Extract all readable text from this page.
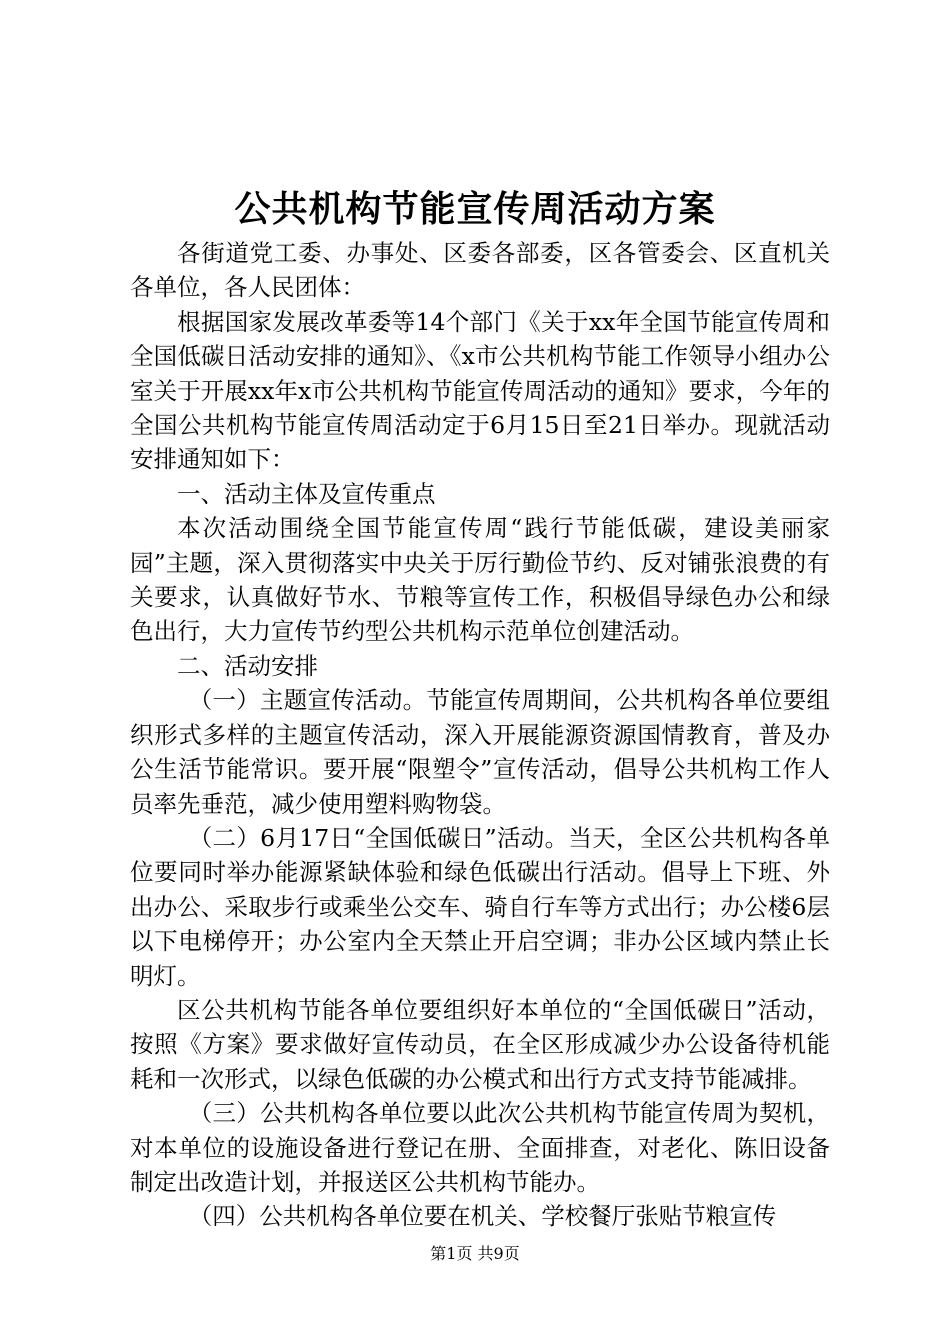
公共机构节能宣传周活动方案

各街道党工委、办事处、区委各部委，区各管委会、区直机关各单位，各人民团体：

根据国家发展改革委等14个部门《关于xx年全国节能宣传周和全国低碳日活动安排的通知》、《x市公共机构节能工作领导小组办公室关于开展xx年x市公共机构节能宣传周活动的通知》要求，今年的全国公共机构节能宣传周活动定于6月15日至21日举办。现就活动安排通知如下：

一、活动主体及宣传重点

本次活动围绕全国节能宣传周“践行节能低碳，建设美丽家园”主题，深入贯彻落实中央关于厉行勤俭节约、反对铺张浪费的有关要求，认真做好节水、节粮等宣传工作，积极倡导绿色办公和绿色出行，大力宣传节约型公共机构示范单位创建活动。

二、活动安排

（一）主题宣传活动。节能宣传周期间，公共机构各单位要组织形式多样的主题宣传活动，深入开展能源资源国情教育，普及办公生活节能常识。要开展“限塑令”宣传活动，倡导公共机构工作人员率先垂范，减少使用塑料购物袋。

（二）6月17日“全国低碳日”活动。当天，全区公共机构各单位要同时举办能源紧缺体验和绿色低碳出行活动。倡导上下班、外出办公、采取步行或乘坐公交车、骑自行车等方式出行；办公楼6层以下电梯停开；办公室内全天禁止开启空调；非办公区域内禁止长明灯。

区公共机构节能各单位要组织好本单位的“全国低碳日”活动，按照《方案》要求做好宣传动员，在全区形成减少办公设备待机能耗和一次形式，以绿色低碳的办公模式和出行方式支持节能减排。

（三）公共机构各单位要以此次公共机构节能宣传周为契机，对本单位的设施设备进行登记在册、全面排查，对老化、陈旧设备制定出改造计划，并报送区公共机构节能办。

（四）公共机构各单位要在机关、学校餐厅张贴节粮宣传

第1页 共9页
